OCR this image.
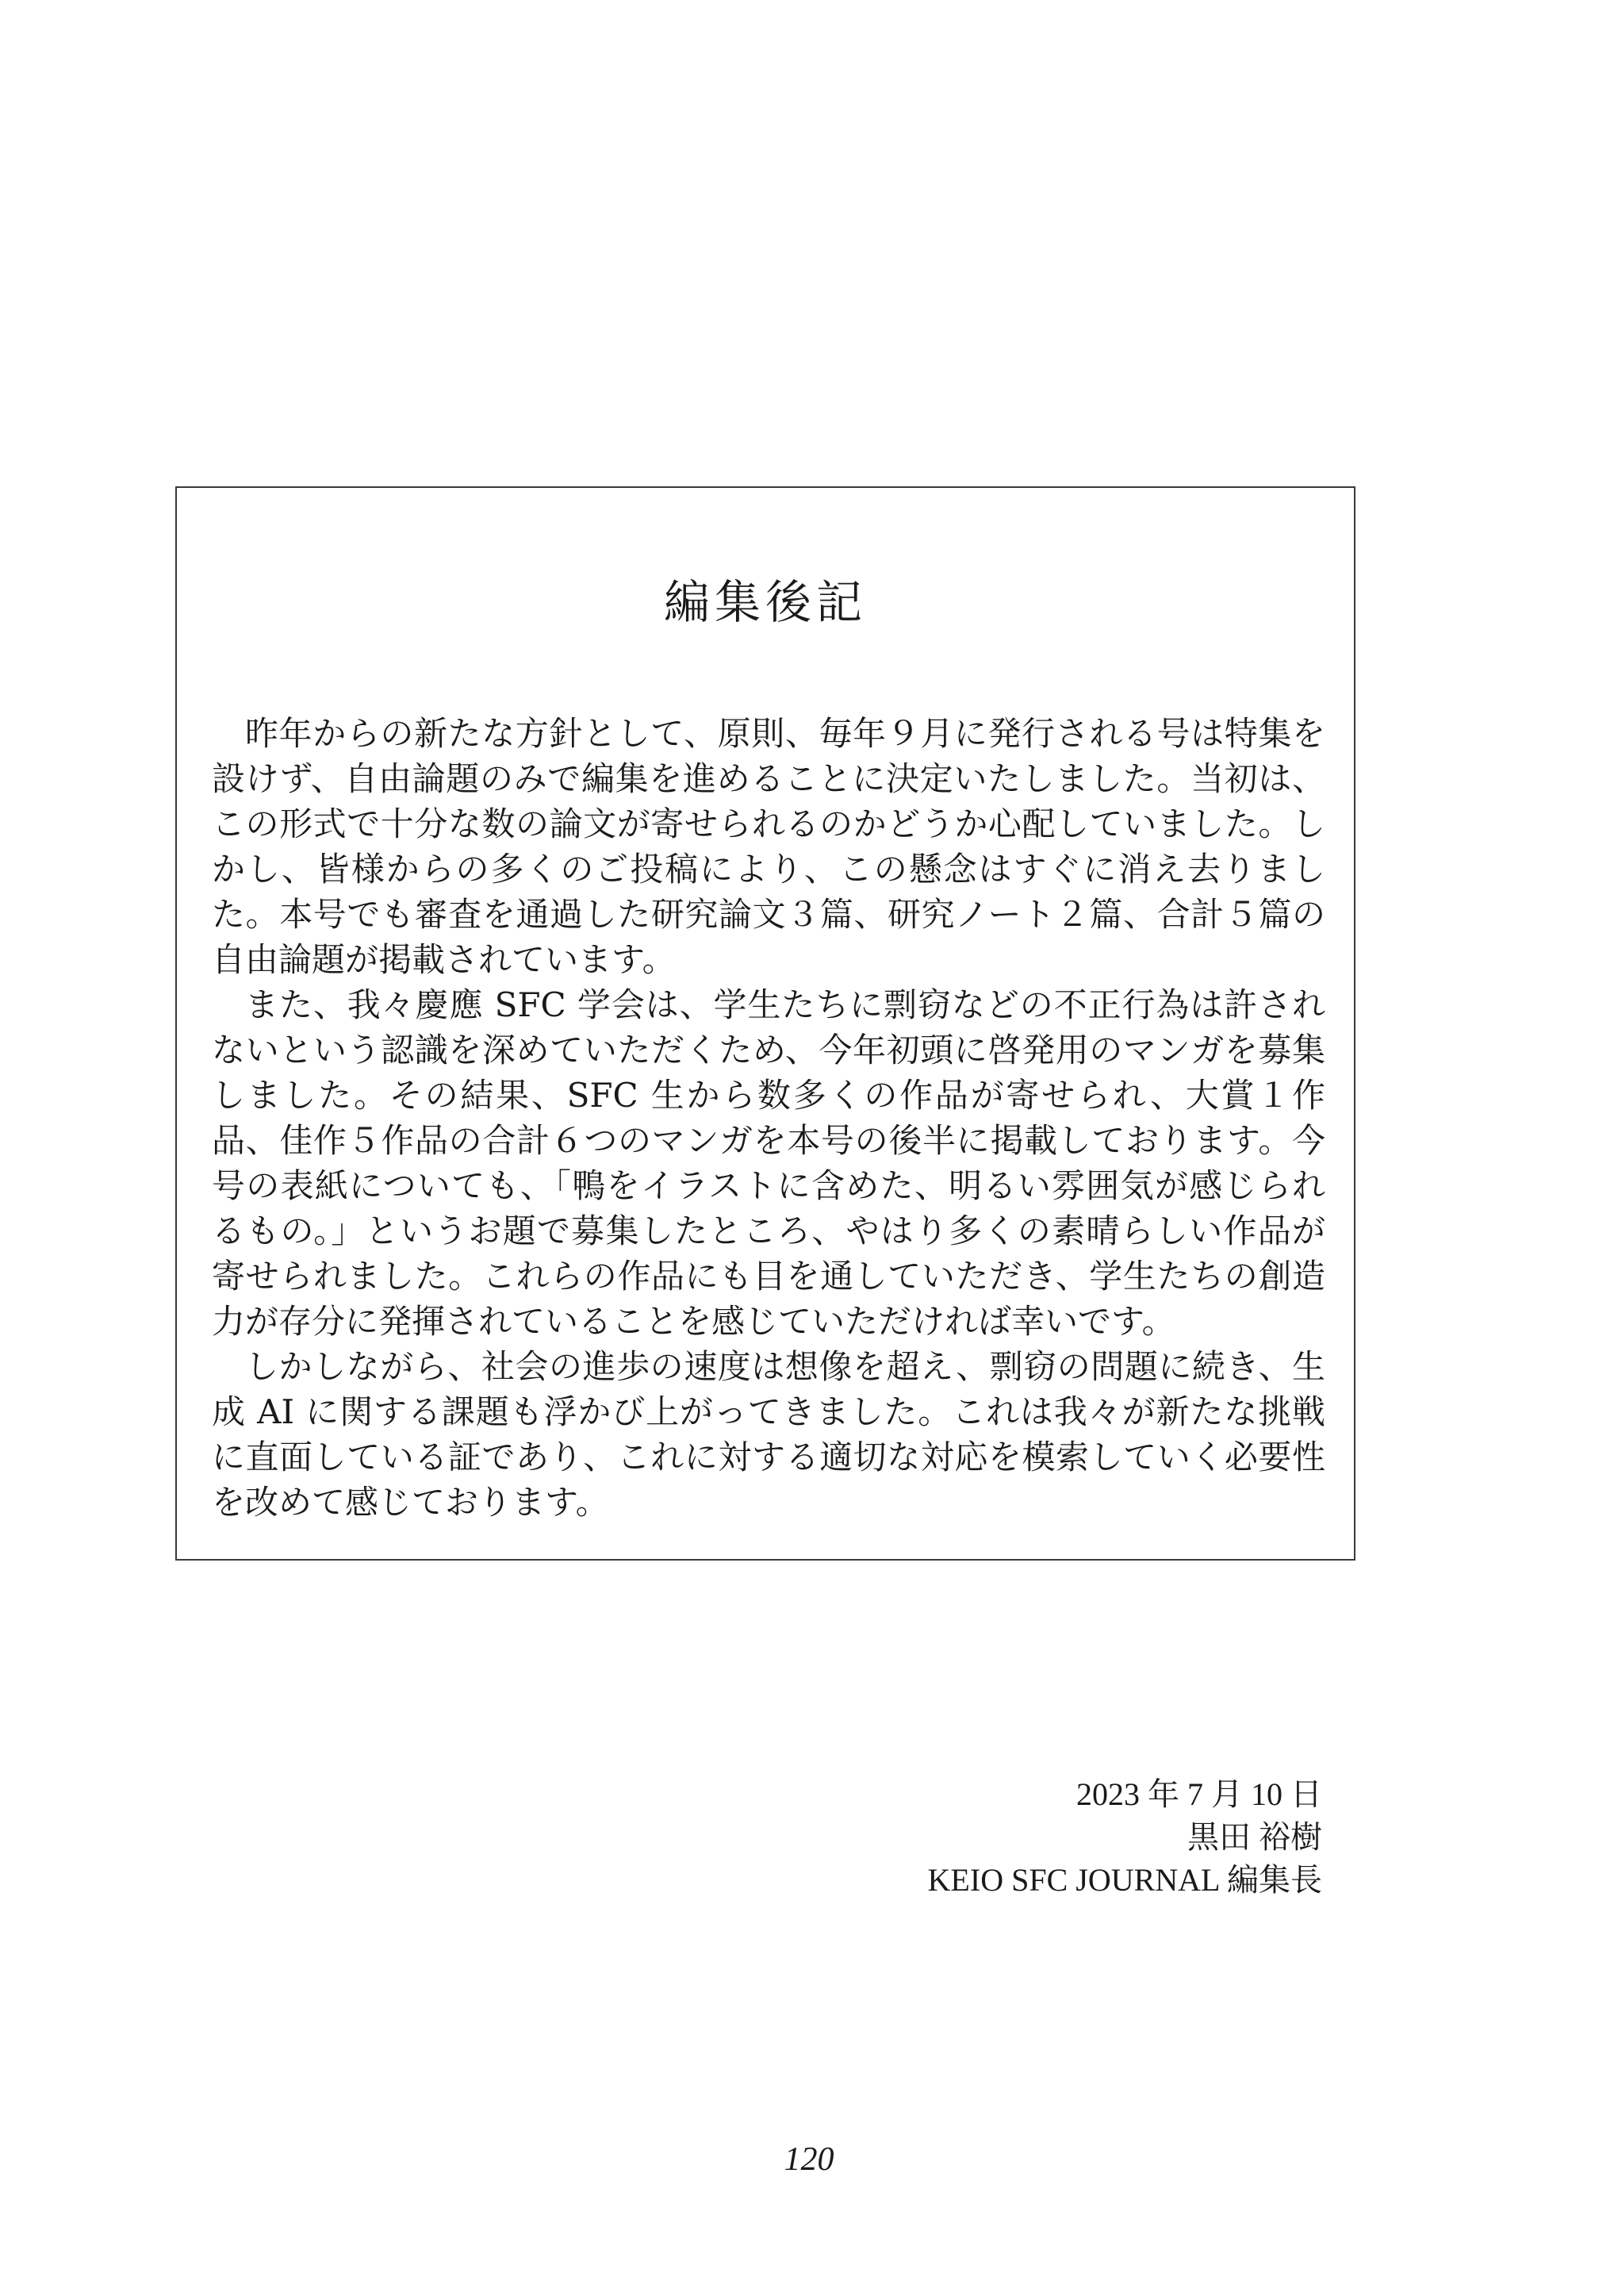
編集後記

昨年からの新たな方針として、原則、毎年９月に発行される号は特集を設けず、自由論題のみで編集を進めることに決定いたしました。当初は、この形式で十分な数の論文が寄せられるのかどうか心配していました。しかし、皆様からの多くのご投稿により、この懸念はすぐに消え去りました。本号でも審査を通過した研究論文３篇、研究ノート２篇、合計５篇の自由論題が掲載されています。

また、我々慶應 SFC 学会は、学生たちに剽窃などの不正行為は許されないという認識を深めていただくため、今年初頭に啓発用のマンガを募集しました。その結果、SFC 生から数多くの作品が寄せられ、大賞１作品、佳作５作品の合計６つのマンガを本号の後半に掲載しております。今号の表紙についても、「鴨をイラストに含めた、明るい雰囲気が感じられるもの。」というお題で募集したところ、やはり多くの素晴らしい作品が寄せられました。これらの作品にも目を通していただき、学生たちの創造力が存分に発揮されていることを感じていただければ幸いです。

しかしながら、社会の進歩の速度は想像を超え、剽窃の問題に続き、生成 AI に関する課題も浮かび上がってきました。これは我々が新たな挑戦に直面している証であり、これに対する適切な対応を模索していく必要性を改めて感じております。

2023 年 7 月 10 日
黒田 裕樹
KEIO SFC JOURNAL 編集長
120
